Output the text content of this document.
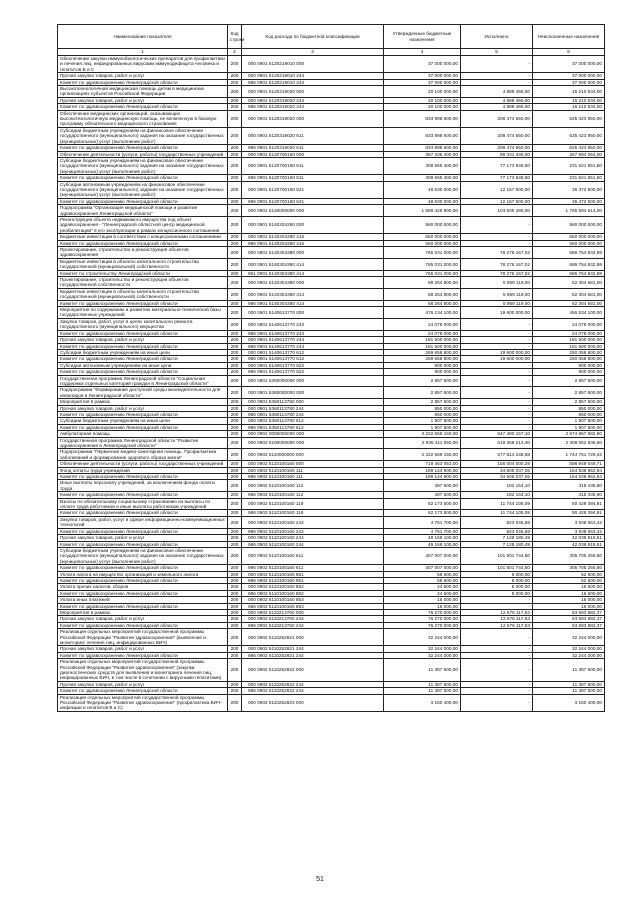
Наименование показателя	Код строки	Код расхода по бюджетной классификации	Утвержденные бюджетные назначения	Исполнено	Неисполненные назначения
1	2	3	4	5	6
Обеспечение закупки иммунобиологических препаратов для профилактики и лечения лиц, инфицированных вирусами иммунодефицита человека и гепатитов B и C	200	000 0901 5120219010 000	37 000 000,00	-	37 000 000,00
Прочая закупка товаров, работ и услуг	200	000 0901 5120219010 244	37 000 000,00	-	37 000 000,00
Комитет по здравоохранению Ленинградской области	200	986 0901 5120219010 244	37 000 000,00	-	37 000 000,00
Высокотехнологичная медицинская помощь детям в медицинских организациях субъектов Российской Федерации	200	000 0901 5120319020 000	20 100 000,00	4 889 466,00	15 210 534,00
Прочая закупка товаров, работ и услуг	200	000 0901 5120319020 244	20 100 000,00	4 889 466,00	15 210 534,00
Комитет по здравоохранению Ленинградской области	200	986 0901 5120319020 244	20 100 000,00	4 889 466,00	15 210 534,00
Обеспечение медицинских организаций, оказывающих высокотехнологичную медицинскую помощь, не включенную в базовую программу обязательного медицинского страхования	200	000 0901 5120319020 000	833 898 600,00	208 474 650,00	625 423 950,00
Субсидии бюджетным учреждениям на финансовое обеспечение государственного (муниципального) задания на оказание государственных (муниципальных) услуг (выполнение работ)	200	000 0901 5120319020 611	833 898 600,00	208 474 650,00	625 423 950,00
Комитет по здравоохранению Ленинградской области	200	986 0901 5120319020 611	833 898 600,00	208 474 650,00	625 423 950,00
Обеспечение деятельности (услуги, работы) государственных учреждений	200	000 0901 5120700160 000	367 335 400,00	99 331 346,00	267 994 054,00
Субсидии бюджетным учреждениям на финансовое обеспечение государственного (муниципального) задания на оказание государственных (муниципальных) услуг (выполнение работ)	200	000 0901 5120700160 611	308 665 400,00	77 173 849,50	231 521 551,50
Комитет по здравоохранению Ленинградской области	200	986 0901 5120700160 611	308 665 400,00	77 173 849,50	231 521 551,50
Субсидии автономным учреждениям на финансовое обеспечение государственного (муниципального) задания на оказание государственных (муниципальных) услуг (выполнение работ)	200	000 0901 5120700160 621	48 630 000,00	12 157 500,00	36 472 500,00
Комитет по здравоохранению Ленинградской области	200	986 0901 5120700160 621	48 630 000,00	12 157 500,00	36 472 500,00
Подпрограмма "Организация медицинской помощи и развитие здравоохранения Ленинградской области"	200	000 0901 5140000000 000	1 869 429 900,00	103 835 286,00	1 765 594 614,00
Реконструкция объекта недвижимого имущества под объект здравоохранения - "Ленинградской областной центр медицинской реабилитации" в его эксплуатации в рамках концессионного соглашения	200	000 0901 5140204280 000	560 000 000,00	-	560 000 000,00
Бюджетные инвестиции в соответствии с концессионными соглашениями	200	000 0901 5140204280 415	560 000 000,00	-	560 000 000,00
Комитет по здравоохранению Ленинградской области	200	986 0901 5140204280 415	560 000 000,00	-	560 000 000,00
Проектирование, строительство и реконструкция объектов здравоохранения	200	000 0901 5140304380 000	765 031 000,00	78 276 167,02	686 754 832,98
Бюджетные инвестиции в объекты капитального строительства государственной (муниципальной) собственности	200	000 0901 5140304380 414	765 031 000,00	78 276 167,02	686 754 832,98
Комитет по строительству Ленинградской области	200	961 0901 5140304380 414	765 031 000,00	78 276 167,02	686 754 832,98
Проектирование, строительство и реконструкция объектов государственной собственности	200	000 0901 5140304380 000	68 264 800,00	5 959 119,00	62 304 681,00
Бюджетные инвестиции в объекты капитального строительства государственной (муниципальной) собственности	200	000 0901 5140304380 414	68 264 800,00	5 959 119,00	62 304 681,00
Комитет по здравоохранению Ленинградской области	200	986 0901 5140304380 414	68 264 800,00	5 959 119,00	62 304 681,00
Мероприятия по содержанию и развитию материально-технической базы государственных учреждений	200	000 0901 5140613770 000	476 134 100,00	19 600 000,00	456 534 100,00
Закупка товаров, работ, услуг в целях капитального ремонта государственного (муниципального) имущества	200	000 0901 5140613770 243	24 078 000,00	-	24 078 000,00
Комитет по здравоохранению Ленинградской области	200	986 0901 5140613770 243	24 078 000,00	-	24 078 000,00
Прочая закупка товаров, работ и услуг	200	000 0901 5140613770 244	181 500 000,00	-	181 500 000,00
Комитет по здравоохранению Ленинградской области	200	986 0901 5140613770 244	181 500 000,00	-	181 500 000,00
Субсидии бюджетным учреждениям на иные цели	200	000 0901 5140613770 612	269 658 800,00	19 600 000,00	250 058 800,00
Комитет по здравоохранению Ленинградской области	200	986 0901 5140613770 612	269 658 800,00	19 600 000,00	250 058 800,00
Субсидии автономным учреждениям на иные цели	200	000 0901 5140613770 622	900 000,00	-	900 000,00
Комитет по здравоохранению Ленинградской области	200	986 0901 5140613770 622	900 000,00	-	900 000,00
Государственная программа Ленинградской области "Социальная поддержка отдельных категорий граждан в Ленинградской области"	200	000 0901 5300000000 000	2 857 500,00	-	2 857 500,00
Подпрограмма "Формирование доступной среды жизнедеятельности для инвалидов в Ленинградской области"	200	000 0901 5360000000 000	2 857 500,00	-	2 857 500,00
Мероприятия в рамках	200	000 0901 5360113780 000	2 857 500,00	-	2 857 500,00
Прочая закупка товаров, работ и услуг	200	000 0901 5360113780 244	950 000,00	-	950 000,00
Комитет по здравоохранению Ленинградской области	200	986 0901 5360113780 244	950 000,00	-	950 000,00
Субсидии бюджетным учреждениям на иные цели	200	000 0901 5360113780 612	1 907 500,00	-	1 907 500,00
Комитет по здравоохранению Ленинградской области	200	986 0901 5360113780 612	1 907 500,00	-	1 907 500,00
Амбулаторная помощь	200	000 0902 0000000000 000	3 222 558 150,00	647 490 167,10	2 574 967 982,90
Государственная программа Ленинградской области "Развитие здравоохранения в Ленинградской области"	200	000 0902 5100000000 000	2 935 311 050,00	619 358 213,40	2 308 052 836,60
Подпрограмма "Первичная медико-санитарная помощь. Профилактика заболеваний и формирование здорового образа жизни"	200	000 0902 5110000000 000	2 322 569 150,00	577 814 248,58	1 744 751 729,42
Обеспечение деятельности (услуги, работы) государственных учреждений	200	000 0902 5110100160 000	719 453 053,00	156 004 000,29	598 949 049,71
Фонд оплаты труда учреждений	200	000 0902 5110100160 111	189 144 900,00	34 606 037,06	154 538 862,94
Комитет по здравоохранению Ленинградской области	200	986 0902 5110100160 111	189 144 900,00	34 606 037,06	154 538 862,94
Иные выплаты персоналу учреждений, за исключением фонда оплаты труда	200	000 0902 5110100160 112	497 600,00	182 164,10	315 435,90
Комитет по здравоохранению Ленинградской области	200	986 0902 5110100160 112	497 600,00	182 164,10	315 435,90
Взносы по обязательному социальному страхованию на выплаты по оплате труда работников и иные выплаты работникам учреждений	200	000 0902 5110100160 119	62 173 500,00	11 744 105,09	50 429 394,91
Комитет по здравоохранению Ленинградской области	200	986 0902 5110100160 119	62 173 500,00	11 744 105,09	50 429 394,91
Закупка товаров, работ, услуг в сфере информационно-коммуникационных технологий	200	000 0902 5110100160 242	4 761 700,00	823 046,58	3 938 653,42
Комитет по здравоохранению Ленинградской области	200	986 0902 5110100160 242	4 761 700,00	823 046,58	3 938 653,42
Прочая закупка товаров, работ и услуг	200	000 0902 5110100160 244	49 169 100,00	7 129 180,49	42 039 919,51
Комитет по здравоохранению Ленинградской области	200	986 0902 5110100160 244	49 169 100,00	7 129 180,49	42 039 919,51
Субсидии бюджетным учреждениям на финансовое обеспечение государственного (муниципального) задания на оказание государственных (муниципальных) услуг (выполнение работ)	200	000 0902 5110100160 611	407 007 000,00	101 501 744,50	305 705 255,50
Комитет по здравоохранению Ленинградской области	200	986 0902 5110100160 611	407 007 000,00	101 501 744,50	305 705 255,50
Уплата налога на имущество организаций и земельного налога	200	000 0902 5110100160 851	58 600,00	6 000,00	52 600,00
Комитет по здравоохранению Ленинградской области	200	986 0902 5110100160 851	58 600,00	6 000,00	52 600,00
Уплата прочих налогов, сборов	200	000 0902 5110100160 852	24 600,00	8 000,00	16 600,00
Комитет по здравоохранению Ленинградской области	200	986 0902 5110100160 852	24 600,00	8 000,00	16 600,00
Уплата иных платежей	200	000 0902 5110100160 853	16 000,00	-	16 000,00
Комитет по здравоохранению Ленинградской области	200	986 0902 5110100160 853	16 000,00	-	16 000,00
Мероприятия в рамках	200	000 0902 5110213760 000	76 270 000,00	12 676 117,63	63 593 882,37
Прочая закупка товаров, работ и услуг	200	000 0902 5110213760 244	76 270 000,00	12 676 117,63	63 593 882,37
Комитет по здравоохранению Ленинградской области	200	986 0902 5110213760 244	76 270 000,00	12 676 117,63	63 593 882,37
Реализация отдельных мероприятий государственной программы Российской Федерации "Развитие здравоохранения" (выявление и мониторинг лечения лиц, инфицированных ВИЧ)	200	000 0902 5110252821 000	32 244 000,00	-	32 244 000,00
Прочая закупка товаров, работ и услуг	200	000 0902 5110252821 244	32 244 000,00	-	32 244 000,00
Комитет по здравоохранению Ленинградской области	200	986 0902 5110252821 244	32 244 000,00	-	32 244 000,00
Реализация отдельных мероприятий государственной программы Российской Федерации "Развитие здравоохранения" (закупки диагностических средств для выявления и мониторинга лечения лиц, инфицированных ВИЧ, в том числе в сочетании с вирусными гепатитами)	200	000 0902 5110252822 000	11 387 600,00	-	11 387 600,00
Прочая закупка товаров, работ и услуг	200	000 0902 5110252822 244	11 387 600,00	-	11 387 600,00
Комитет по здравоохранению Ленинградской области	200	986 0902 5110252822 244	11 387 600,00	-	11 387 600,00
Реализация отдельных мероприятий государственной программы Российской Федерации "Развитие здравоохранения" (профилактика ВИЧ-инфекции и гепатитов B и C)	200	000 0902 5110252823 000	3 160 400,00	-	3 160 400,00
51
